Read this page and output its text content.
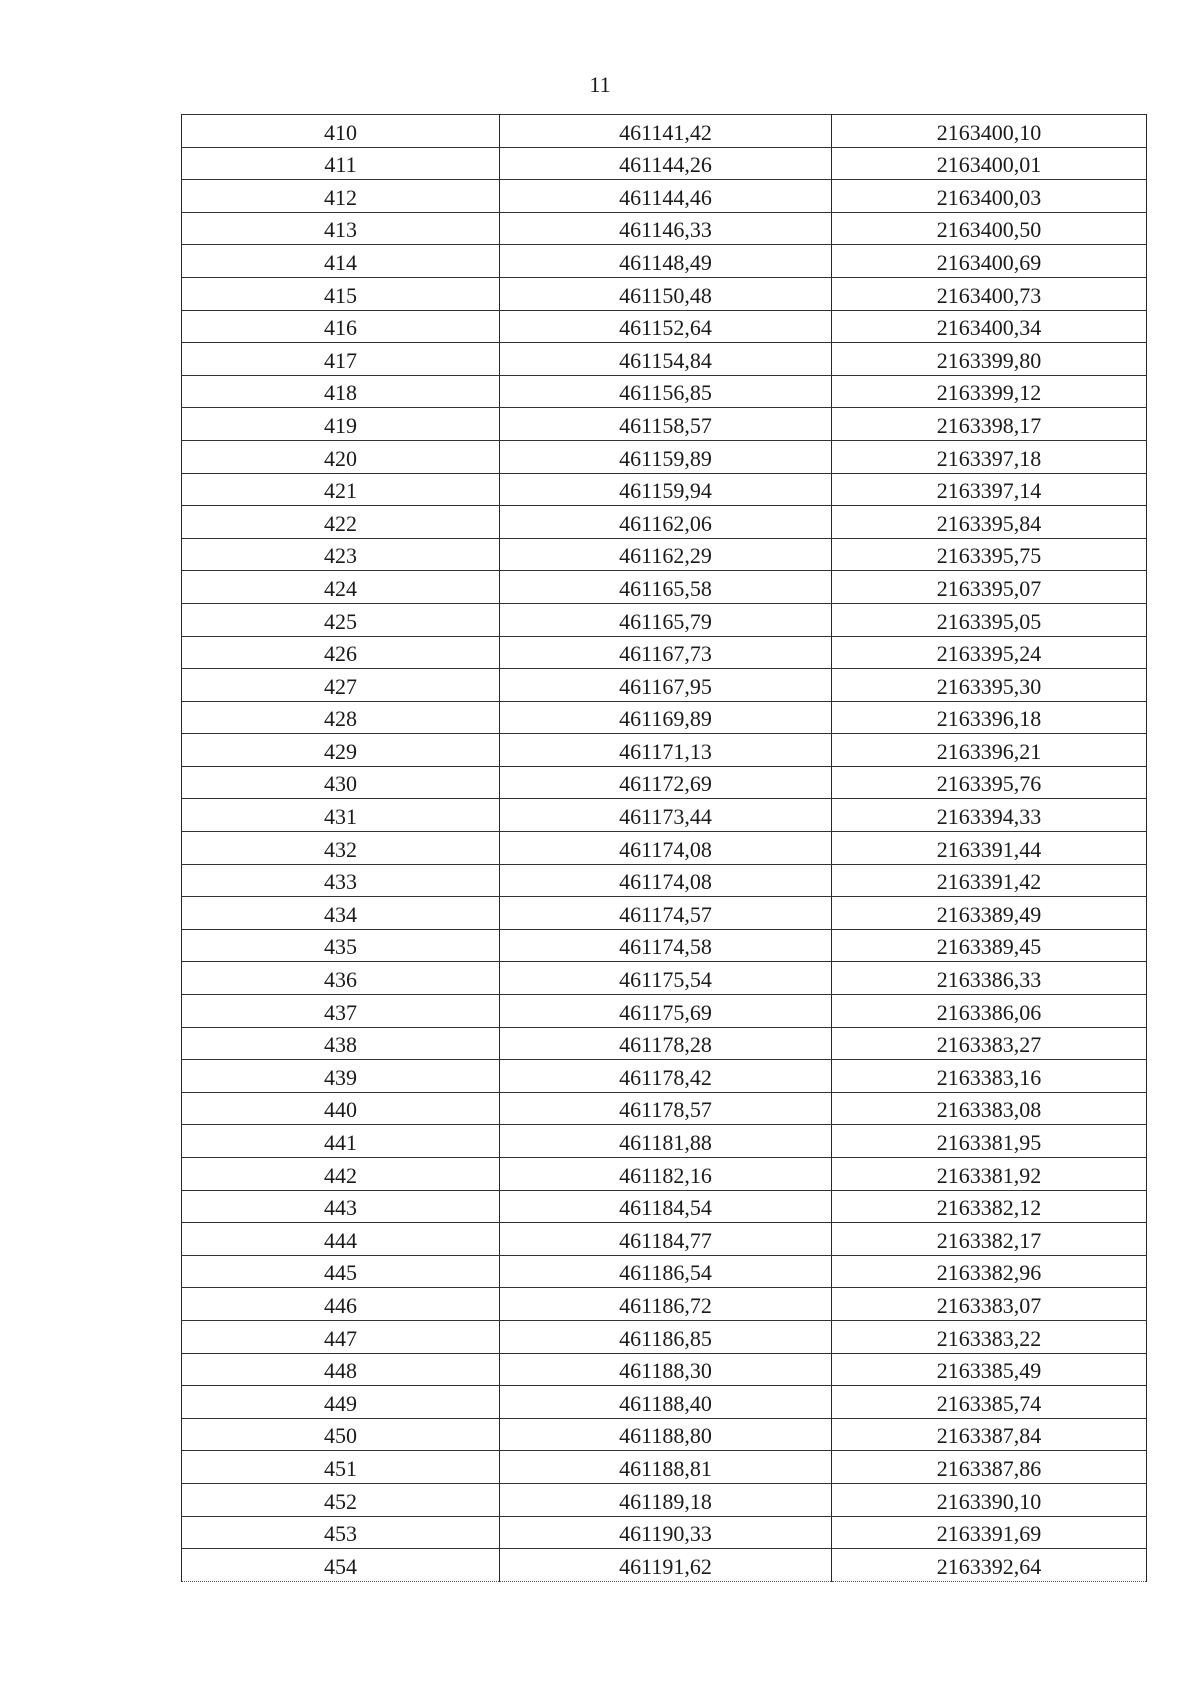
11
410	461141,42	2163400,10
411	461144,26	2163400,01
412	461144,46	2163400,03
413	461146,33	2163400,50
414	461148,49	2163400,69
415	461150,48	2163400,73
416	461152,64	2163400,34
417	461154,84	2163399,80
418	461156,85	2163399,12
419	461158,57	2163398,17
420	461159,89	2163397,18
421	461159,94	2163397,14
422	461162,06	2163395,84
423	461162,29	2163395,75
424	461165,58	2163395,07
425	461165,79	2163395,05
426	461167,73	2163395,24
427	461167,95	2163395,30
428	461169,89	2163396,18
429	461171,13	2163396,21
430	461172,69	2163395,76
431	461173,44	2163394,33
432	461174,08	2163391,44
433	461174,08	2163391,42
434	461174,57	2163389,49
435	461174,58	2163389,45
436	461175,54	2163386,33
437	461175,69	2163386,06
438	461178,28	2163383,27
439	461178,42	2163383,16
440	461178,57	2163383,08
441	461181,88	2163381,95
442	461182,16	2163381,92
443	461184,54	2163382,12
444	461184,77	2163382,17
445	461186,54	2163382,96
446	461186,72	2163383,07
447	461186,85	2163383,22
448	461188,30	2163385,49
449	461188,40	2163385,74
450	461188,80	2163387,84
451	461188,81	2163387,86
452	461189,18	2163390,10
453	461190,33	2163391,69
454	461191,62	2163392,64
